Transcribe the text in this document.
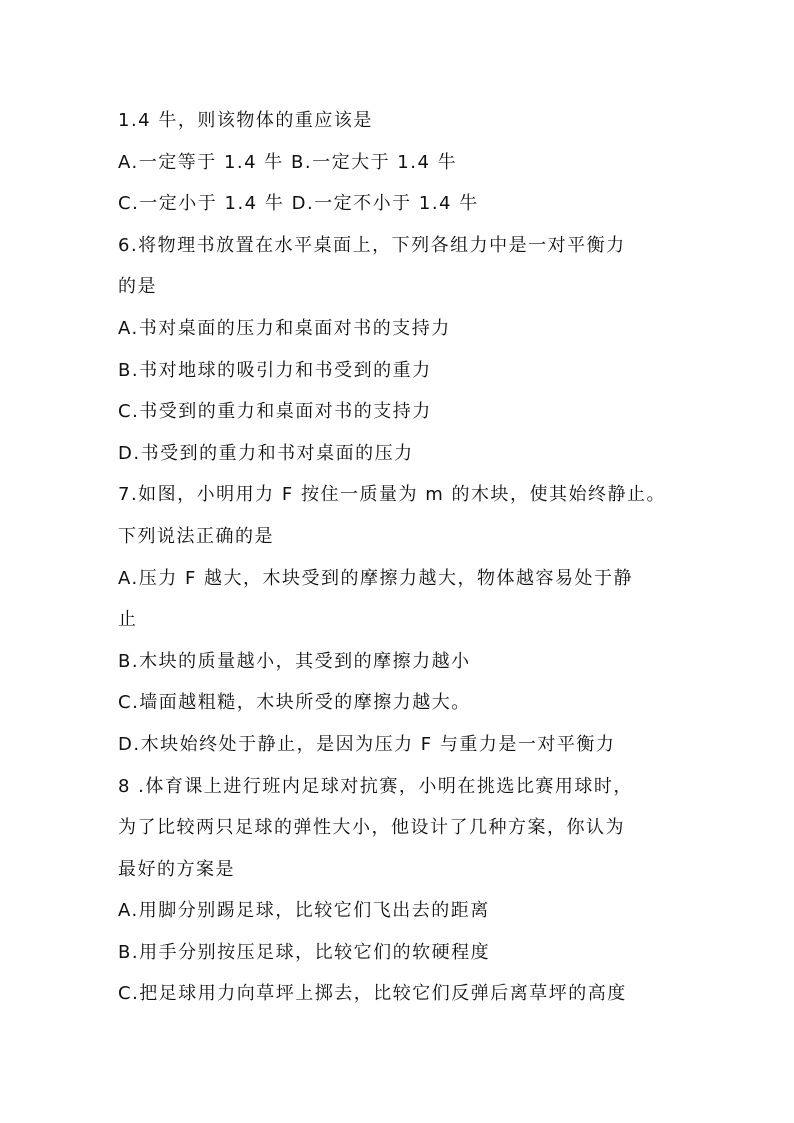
1.4 牛，则该物体的重应该是
A.一定等于 1.4 牛 B.一定大于 1.4 牛
C.一定小于 1.4 牛 D.一定不小于 1.4 牛
6.将物理书放置在水平桌面上，下列各组力中是一对平衡力
的是
A.书对桌面的压力和桌面对书的支持力
B.书对地球的吸引力和书受到的重力
C.书受到的重力和桌面对书的支持力
D.书受到的重力和书对桌面的压力
7.如图，小明用力 F 按住一质量为 m 的木块，使其始终静止。
下列说法正确的是
A.压力 F 越大，木块受到的摩擦力越大，物体越容易处于静
止
B.木块的质量越小，其受到的摩擦力越小
C.墙面越粗糙，木块所受的摩擦力越大。
D.木块始终处于静止，是因为压力 F 与重力是一对平衡力
8 .体育课上进行班内足球对抗赛，小明在挑选比赛用球时，
为了比较两只足球的弹性大小，他设计了几种方案，你认为
最好的方案是
A.用脚分别踢足球，比较它们飞出去的距离
B.用手分别按压足球，比较它们的软硬程度
C.把足球用力向草坪上掷去，比较它们反弹后离草坪的高度
